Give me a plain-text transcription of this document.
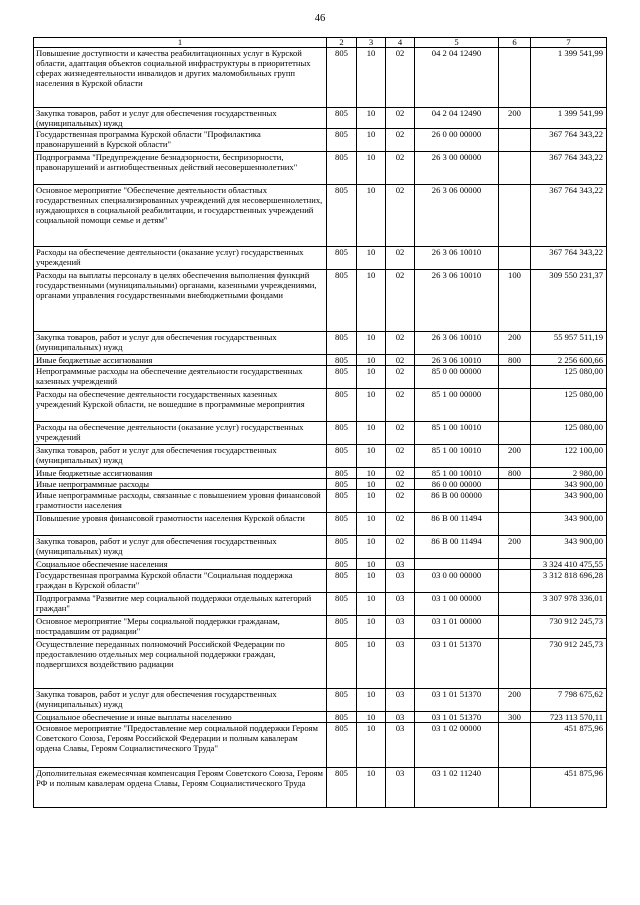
46
1	2	3	4	5	6	7
Повышение доступности и качества реабилитационных услуг в Курской области, адаптация объектов социальной инфраструктуры в приоритетных сферах жизнедеятельности инвалидов и других маломобильных групп населения в Курской области	805	10	02	04 2 04 12490		1 399 541,99
Закупка товаров, работ и услуг для обеспечения государственных (муниципальных) нужд	805	10	02	04 2 04 12490	200	1 399 541,99
Государственная программа Курской области "Профилактика правонарушений в Курской области"	805	10	02	26 0 00 00000		367 764 343,22
Подпрограмма "Предупреждение безнадзорности, беспризорности, правонарушений и антиобщественных действий несовершеннолетних"	805	10	02	26 3 00 00000		367 764 343,22
Основное мероприятие "Обеспечение деятельности областных государственных специализированных учреждений для несовершеннолетних, нуждающихся в социальной реабилитации, и государственных учреждений социальной помощи семье и детям"	805	10	02	26 3 06 00000		367 764 343,22
Расходы на обеспечение деятельности (оказание услуг) государственных учреждений	805	10	02	26 3 06 10010		367 764 343,22
Расходы на выплаты персоналу в целях обеспечения выполнения функций государственными (муниципальными) органами, казенными учреждениями, органами управления государственными внебюджетными фондами	805	10	02	26 3 06 10010	100	309 550 231,37
Закупка товаров, работ и услуг для обеспечения государственных (муниципальных) нужд	805	10	02	26 3 06 10010	200	55 957 511,19
Иные бюджетные ассигнования	805	10	02	26 3 06 10010	800	2 256 600,66
Непрограммные расходы на обеспечение деятельности государственных казенных учреждений	805	10	02	85 0 00 00000		125 080,00
Расходы на обеспечение деятельности государственных казенных учреждений Курской области, не вошедшие в программные мероприятия	805	10	02	85 1 00 00000		125 080,00
Расходы на обеспечение деятельности (оказание услуг) государственных учреждений	805	10	02	85 1 00 10010		125 080,00
Закупка товаров, работ и услуг для обеспечения государственных (муниципальных) нужд	805	10	02	85 1 00 10010	200	122 100,00
Иные бюджетные ассигнования	805	10	02	85 1 00 10010	800	2 980,00
Иные непрограммные расходы	805	10	02	86 0 00 00000		343 900,00
Иные непрограммные расходы, связанные с повышением уровня финансовой грамотности населения	805	10	02	86 В 00 00000		343 900,00
Повышение уровня финансовой грамотности населения Курской области	805	10	02	86 В 00 11494		343 900,00
Закупка товаров, работ и услуг для обеспечения государственных (муниципальных) нужд	805	10	02	86 В 00 11494	200	343 900,00
Социальное обеспечение населения	805	10	03			3 324 410 475,55
Государственная программа Курской области "Социальная поддержка граждан в Курской области"	805	10	03	03 0 00 00000		3 312 818 696,28
Подпрограмма "Развитие мер социальной поддержки отдельных категорий граждан"	805	10	03	03 1 00 00000		3 307 978 336,01
Основное мероприятие "Меры социальной поддержки гражданам, пострадавшим от радиации"	805	10	03	03 1 01 00000		730 912 245,73
Осуществление переданных полномочий Российской Федерации по предоставлению отдельных мер социальной поддержки граждан, подвергшихся воздействию радиации	805	10	03	03 1 01 51370		730 912 245,73
Закупка товаров, работ и услуг для обеспечения государственных (муниципальных) нужд	805	10	03	03 1 01 51370	200	7 798 675,62
Социальное обеспечение и иные выплаты населению	805	10	03	03 1 01 51370	300	723 113 570,11
Основное мероприятие "Предоставление мер социальной поддержки Героям Советского Союза, Героям Российской Федерации и полным кавалерам ордена Славы, Героям Социалистического Труда"	805	10	03	03 1 02 00000		451 875,96
Дополнительная ежемесячная компенсация Героям Советского Союза, Героям РФ и полным кавалерам ордена Славы, Героям Социалистического Труда	805	10	03	03 1 02 11240		451 875,96
